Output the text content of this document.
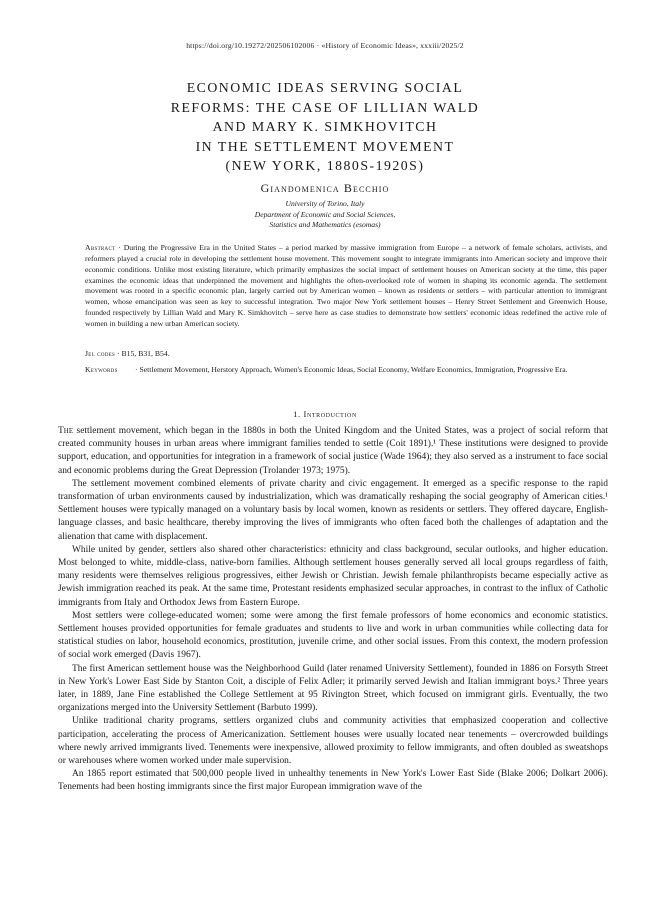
https://doi.org/10.19272/202506102006 · «History of Economic Ideas», xxxiii/2025/2
ECONOMIC IDEAS SERVING SOCIAL
REFORMS: THE CASE OF LILLIAN WALD
AND MARY K. SIMKHOVITCH
IN THE SETTLEMENT MOVEMENT
(NEW YORK, 1880S-1920S)
Giandomenica Becchio
University of Torino, Italy
Department of Economic and Social Sciences,
Statistics and Mathematics (esomas)
Abstract · During the Progressive Era in the United States – a period marked by massive immigration from Europe – a network of female scholars, activists, and reformers played a crucial role in developing the settlement house movement. This movement sought to integrate immigrants into American society and improve their economic conditions. Unlike most existing literature, which primarily emphasizes the social impact of settlement houses on American society at the time, this paper examines the economic ideas that underpinned the movement and highlights the often-overlooked role of women in shaping its economic agenda. The settlement movement was rooted in a specific economic plan, largely carried out by American women – known as residents or settlers – with particular attention to immigrant women, whose emancipation was seen as key to successful integration. Two major New York settlement houses – Henry Street Settlement and Greenwich House, founded respectively by Lillian Wald and Mary K. Simkhovitch – serve here as case studies to demonstrate how settlers' economic ideas redefined the active role of women in building a new urban American society.
Jel codes · B15, B31, B54.
Keywords	· Settlement Movement, Herstory Approach, Women's Economic Ideas, Social Economy, Welfare Economics, Immigration, Progressive Era.
1. Introduction

The settlement movement, which began in the 1880s in both the United Kingdom and the United States, was a project of social reform that created community houses in urban areas where immigrant families tended to settle (Coit 1891).¹ These institutions were designed to provide support, education, and opportunities for integration in a framework of social justice (Wade 1964); they also served as a instrument to face social and economic problems during the Great Depression (Trolander 1973; 1975).

The settlement movement combined elements of private charity and civic engagement. It emerged as a specific response to the rapid transformation of urban environments caused by industrialization, which was dramatically reshaping the social geography of American cities.¹ Settlement houses were typically managed on a voluntary basis by local women, known as residents or settlers. They offered daycare, English-language classes, and basic healthcare, thereby improving the lives of immigrants who often faced both the challenges of adaptation and the alienation that came with displacement.

While united by gender, settlers also shared other characteristics: ethnicity and class background, secular outlooks, and higher education. Most belonged to white, middle-class, native-born families. Although settlement houses generally served all local groups regardless of faith, many residents were themselves religious progressives, either Jewish or Christian. Jewish female philanthropists became especially active as Jewish immigration reached its peak. At the same time, Protestant residents emphasized secular approaches, in contrast to the influx of Catholic immigrants from Italy and Orthodox Jews from Eastern Europe.

Most settlers were college-educated women; some were among the first female professors of home economics and economic statistics. Settlement houses provided opportunities for female graduates and students to live and work in urban communities while collecting data for statistical studies on labor, household economics, prostitution, juvenile crime, and other social issues. From this context, the modern profession of social work emerged (Davis 1967).

The first American settlement house was the Neighborhood Guild (later renamed University Settlement), founded in 1886 on Forsyth Street in New York's Lower East Side by Stanton Coit, a disciple of Felix Adler; it primarily served Jewish and Italian immigrant boys.² Three years later, in 1889, Jane Fine established the College Settlement at 95 Rivington Street, which focused on immigrant girls. Eventually, the two organizations merged into the University Settlement (Barbuto 1999).

Unlike traditional charity programs, settlers organized clubs and community activities that emphasized cooperation and collective participation, accelerating the process of Americanization. Settlement houses were usually located near tenements – overcrowded buildings where newly arrived immigrants lived. Tenements were inexpensive, allowed proximity to fellow immigrants, and often doubled as sweatshops or warehouses where women worked under male supervision.

An 1865 report estimated that 500,000 people lived in unhealthy tenements in New York's Lower East Side (Blake 2006; Dolkart 2006). Tenements had been hosting immigrants since the first major European immigration wave of the
